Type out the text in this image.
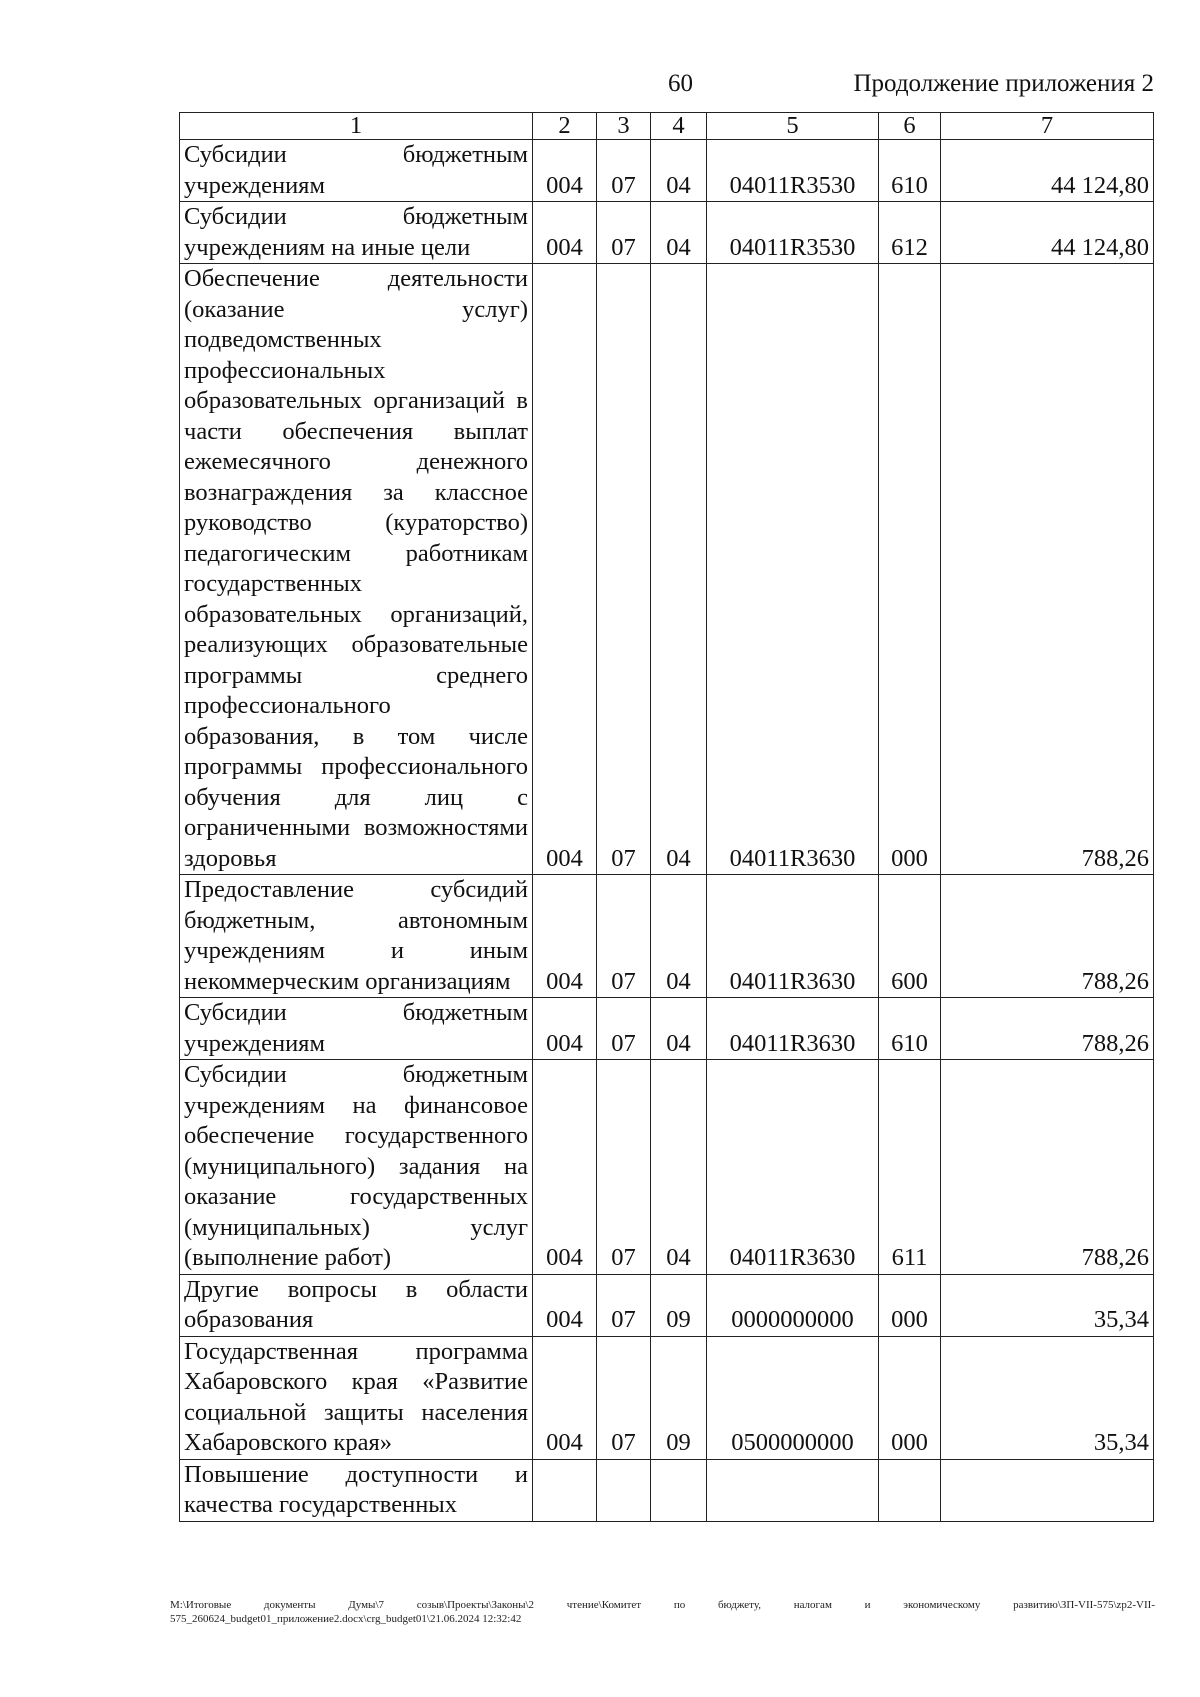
60	Продолжение приложения 2
1	2	3	4	5	6	7
Субсидии бюджетным учреждениям	004	07	04	04011R3530	610	44 124,80
Субсидии бюджетным учреждениям на иные цели	004	07	04	04011R3530	612	44 124,80
Обеспечение деятельности (оказание услуг) подведомственных профессиональных образовательных организаций в части обеспечения выплат ежемесячного денежного вознаграждения за классное руководство (кураторство) педагогическим работникам государственных образовательных организаций, реализующих образовательные программы среднего профессионального образования, в том числе программы профессионального обучения для лиц с ограниченными возможностями здоровья	004	07	04	04011R3630	000	788,26
Предоставление субсидий бюджетным, автономным учреждениям и иным некоммерческим организациям	004	07	04	04011R3630	600	788,26
Субсидии бюджетным учреждениям	004	07	04	04011R3630	610	788,26
Субсидии бюджетным учреждениям на финансовое обеспечение государственного (муниципального) задания на оказание государственных (муниципальных) услуг (выполнение работ)	004	07	04	04011R3630	611	788,26
Другие вопросы в области образования	004	07	09	0000000000	000	35,34
Государственная программа Хабаровского края «Развитие социальной защиты населения Хабаровского края»	004	07	09	0500000000	000	35,34
Повышение доступности и качества государственных						
М:\Итоговые документы Думы\7 созыв\Проекты\Законы\2 чтение\Комитет по бюджету, налогам и экономическому развитию\ЗП-VII-575\zp2-VII-575_260624_budget01_приложение2.docx\crg_budget01\21.06.2024 12:32:42
